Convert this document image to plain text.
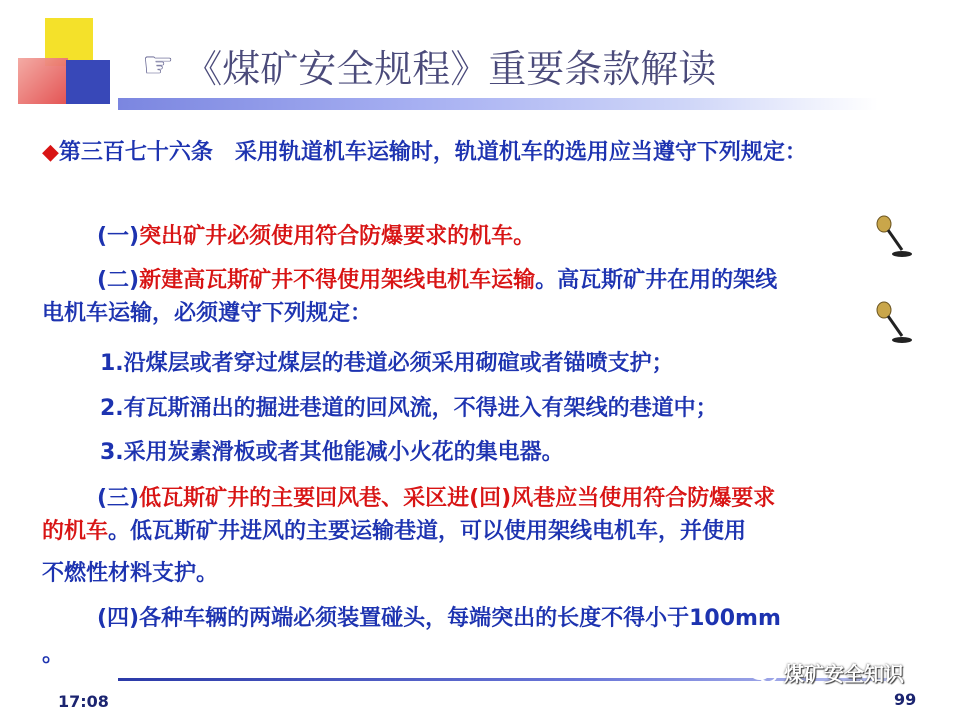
☞ 《煤矿安全规程》重要条款解读

◆第三百七十六条　采用轨道机车运输时，轨道机车的选用应当遵守下列规定：

(一)突出矿井必须使用符合防爆要求的机车。

(二)新建高瓦斯矿井不得使用架线电机车运输。高瓦斯矿井在用的架线

电机车运输，必须遵守下列规定：

1.沿煤层或者穿过煤层的巷道必须采用砌碹或者锚喷支护；

2.有瓦斯涌出的掘进巷道的回风流，不得进入有架线的巷道中；

3.采用炭素滑板或者其他能减小火花的集电器。

(三)低瓦斯矿井的主要回风巷、采区进(回)风巷应当使用符合防爆要求

的机车。低瓦斯矿井进风的主要运输巷道，可以使用架线电机车，并使用

不燃性材料支护。

(四)各种车辆的两端必须装置碰头，每端突出的长度不得小于100mm

。

煤矿安全知识
17:08	99
